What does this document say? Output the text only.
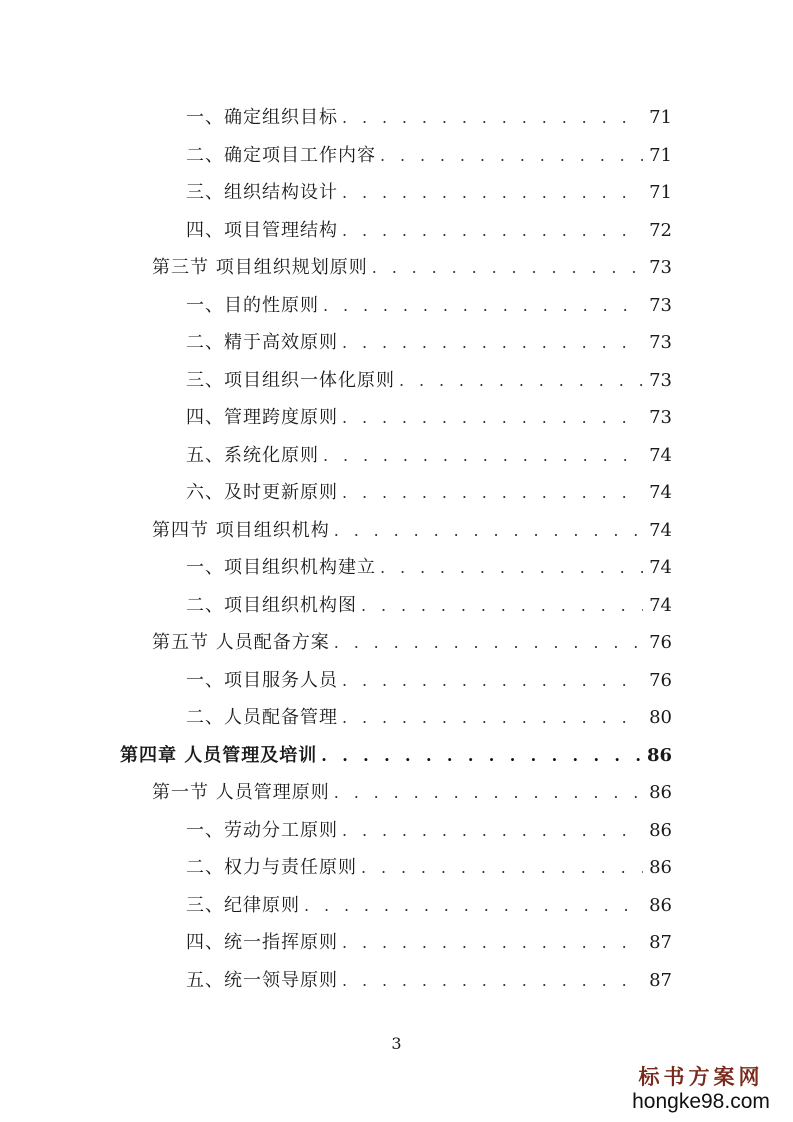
一、确定组织目标 . . .	71
二、确定项目工作内容 . . .	71
三、组织结构设计 . . .	71
四、项目管理结构 . . .	72
第三节 项目组织规划原则 . . .	73
一、目的性原则 . . .	73
二、精于高效原则 . . .	73
三、项目组织一体化原则 . . .	73
四、管理跨度原则 . . .	73
五、系统化原则 . . .	74
六、及时更新原则 . . .	74
第四节 项目组织机构 . . .	74
一、项目组织机构建立 . . .	74
二、项目组织机构图 . . .	74
第五节 人员配备方案 . . .	76
一、项目服务人员 . . .	76
二、人员配备管理 . . .	80
第四章 人员管理及培训 . . .	86
第一节 人员管理原则 . . .	86
一、劳动分工原则 . . .	86
二、权力与责任原则 . . .	86
三、纪律原则 . . .	86
四、统一指挥原则 . . .	87
五、统一领导原则 . . .	87
3
标书方案网
hongke98.com
